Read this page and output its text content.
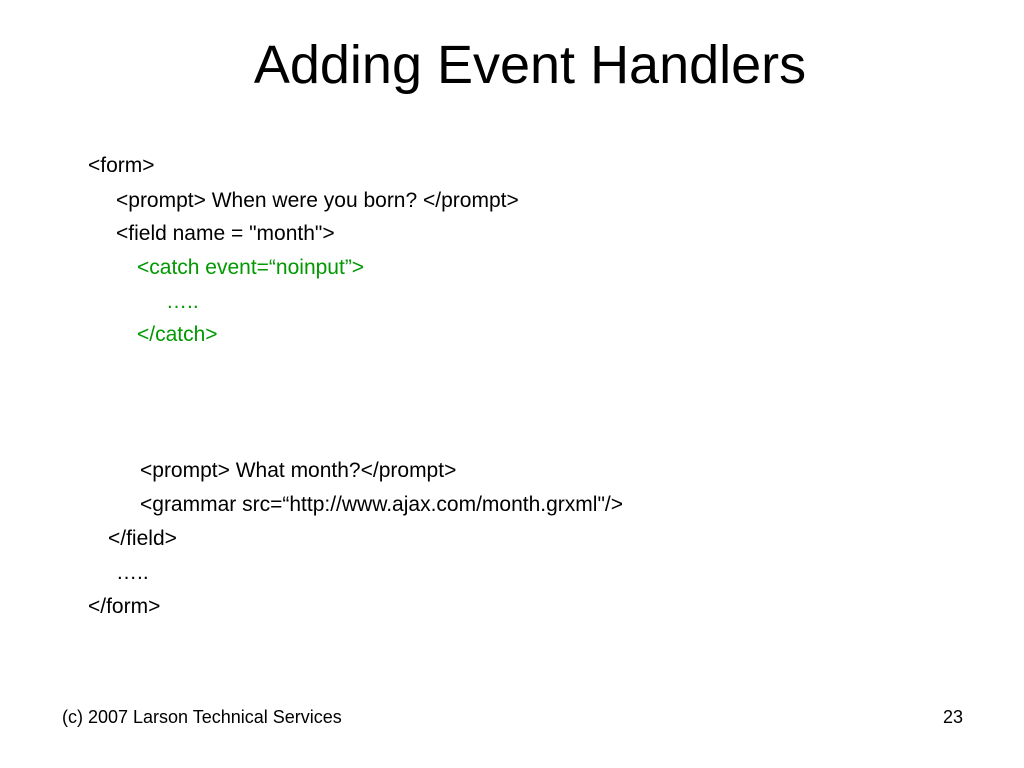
Adding Event Handlers
<form>
<prompt> When were you born? </prompt>
<field name = "month">
<catch event=“noinput”>
…..
</catch>
<prompt> What month?</prompt>
<grammar src=“http://www.ajax.com/month.grxml"/>
</field>
…..
</form>
(c) 2007 Larson Technical Services	23
